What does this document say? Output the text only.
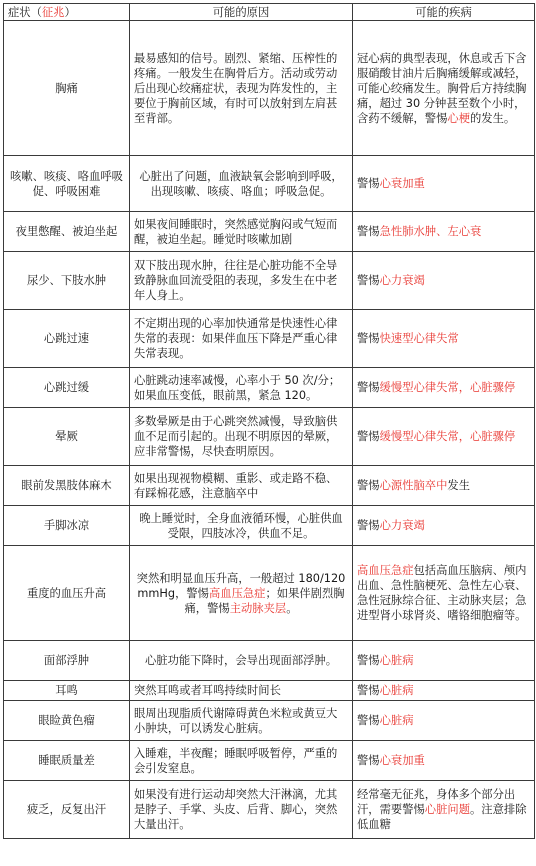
症状（征兆）	可能的原因	可能的疾病
胸痛	最易感知的信号。剧烈、紧缩、压榨性的疼痛。一般发生在胸骨后方。活动或劳动后出现心绞痛症状，表现为阵发性的，主要位于胸前区域，有时可以放射到左肩甚至背部。	冠心病的典型表现，休息或舌下含服硝酸甘油片后胸痛缓解或减轻，可能心绞痛发生。胸骨后方持续胸痛，超过 30 分钟甚至数个小时，含药不缓解，警惕心梗的发生。
咳嗽、咳痰、咯血呼吸促、呼吸困难	心脏出了问题，血液缺氧会影响到呼吸，出现咳嗽、咳痰、咯血；呼吸急促。	警惕心衰加重
夜里憋醒、被迫坐起	如果夜间睡眠时，突然感觉胸闷或气短而醒，被迫坐起。睡觉时咳嗽加剧	警惕急性肺水肿、左心衰
尿少、下肢水肿	双下肢出现水肿，往往是心脏功能不全导致静脉血回流受阻的表现，多发生在中老年人身上。	警惕心力衰竭
心跳过速	不定期出现的心率加快通常是快速性心律失常的表现：如果伴血压下降是严重心律失常表现。	警惕快速型心律失常
心跳过缓	心脏跳动速率减慢，心率小于 50 次/分；如果血压变低，眼前黑，紧急 120。	警惕缓慢型心律失常，心脏骤停
晕厥	多数晕厥是由于心跳突然减慢，导致脑供血不足而引起的。出现不明原因的晕厥，应非常警惕，尽快查明原因。	警惕缓慢型心律失常，心脏骤停
眼前发黑肢体麻木	如果出现视物模糊、重影、或走路不稳、有踩棉花感，注意脑卒中	警惕心源性脑卒中发生
手脚冰凉	晚上睡觉时，全身血液循环慢，心脏供血受限，四肢冰冷，供血不足。	警惕心力衰竭
重度的血压升高	突然和明显血压升高，一般超过 180/120mmHg，警惕高血压急症；如果伴剧烈胸痛，警惕主动脉夹层。	高血压急症包括高血压脑病、颅内出血、急性脑梗死、急性左心衰、急性冠脉综合征、主动脉夹层；急进型肾小球肾炎、嗜铬细胞瘤等。
面部浮肿	心脏功能下降时，会导出现面部浮肿。	警惕心脏病
耳鸣	突然耳鸣或者耳鸣持续时间长	警惕心脏病
眼睑黄色瘤	眼周出现脂质代谢障碍黄色米粒或黄豆大小肿块，可以诱发心脏病。	警惕心脏病
睡眠质量差	入睡难，半夜醒；睡眠呼吸暂停，严重的会引发窒息。	警惕心衰加重
疲乏，反复出汗	如果没有进行运动却突然大汗淋漓，尤其是脖子、手掌、头皮、后背、脚心，突然大量出汗。	经常毫无征兆，身体多个部分出汗，需要警惕心脏问题。注意排除低血糖
